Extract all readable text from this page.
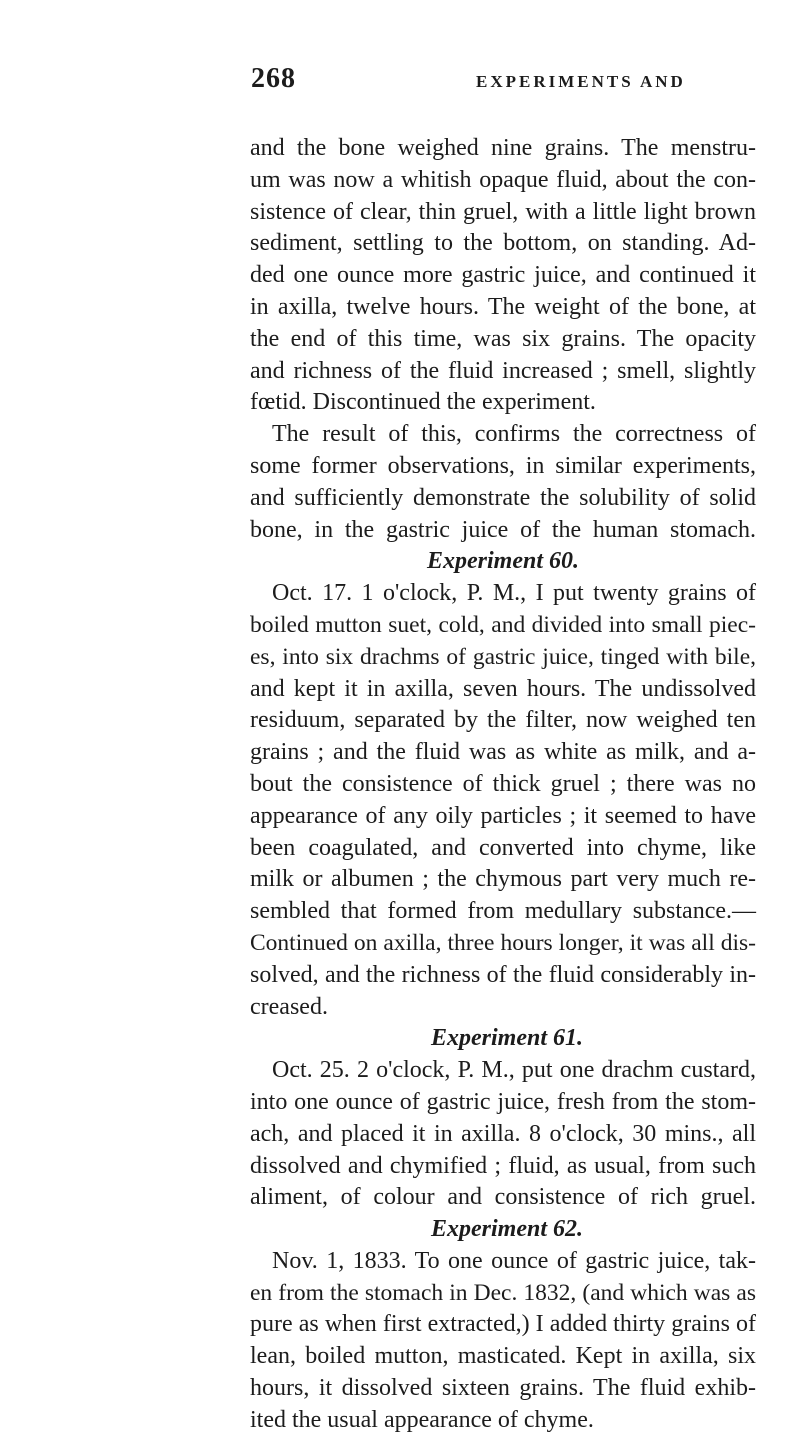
268	EXPERIMENTS AND
and the bone weighed nine grains. The menstru-
um was now a whitish opaque fluid, about the con-
sistence of clear, thin gruel, with a little light brown
sediment, settling to the bottom, on standing. Ad-
ded one ounce more gastric juice, and continued it
in axilla, twelve hours. The weight of the bone, at
the end of this time, was six grains. The opacity
and richness of the fluid increased ; smell, slightly
fœtid. Discontinued the experiment.
The result of this, confirms the correctness of
some former observations, in similar experiments,
and sufficiently demonstrate the solubility of solid
bone, in the gastric juice of the human stomach.
Experiment 60.
Oct. 17. 1 o'clock, P. M., I put twenty grains of
boiled mutton suet, cold, and divided into small piec-
es, into six drachms of gastric juice, tinged with bile,
and kept it in axilla, seven hours. The undissolved
residuum, separated by the filter, now weighed ten
grains ; and the fluid was as white as milk, and a-
bout the consistence of thick gruel ; there was no
appearance of any oily particles ; it seemed to have
been coagulated, and converted into chyme, like
milk or albumen ; the chymous part very much re-
sembled that formed from medullary substance.—
Continued on axilla, three hours longer, it was all dis-
solved, and the richness of the fluid considerably in-
creased.
Experiment 61.
Oct. 25. 2 o'clock, P. M., put one drachm custard,
into one ounce of gastric juice, fresh from the stom-
ach, and placed it in axilla. 8 o'clock, 30 mins., all
dissolved and chymified ; fluid, as usual, from such
aliment, of colour and consistence of rich gruel.
Experiment 62.
Nov. 1, 1833. To one ounce of gastric juice, tak-
en from the stomach in Dec. 1832, (and which was as
pure as when first extracted,) I added thirty grains of
lean, boiled mutton, masticated. Kept in axilla, six
hours, it dissolved sixteen grains. The fluid exhib-
ited the usual appearance of chyme.
